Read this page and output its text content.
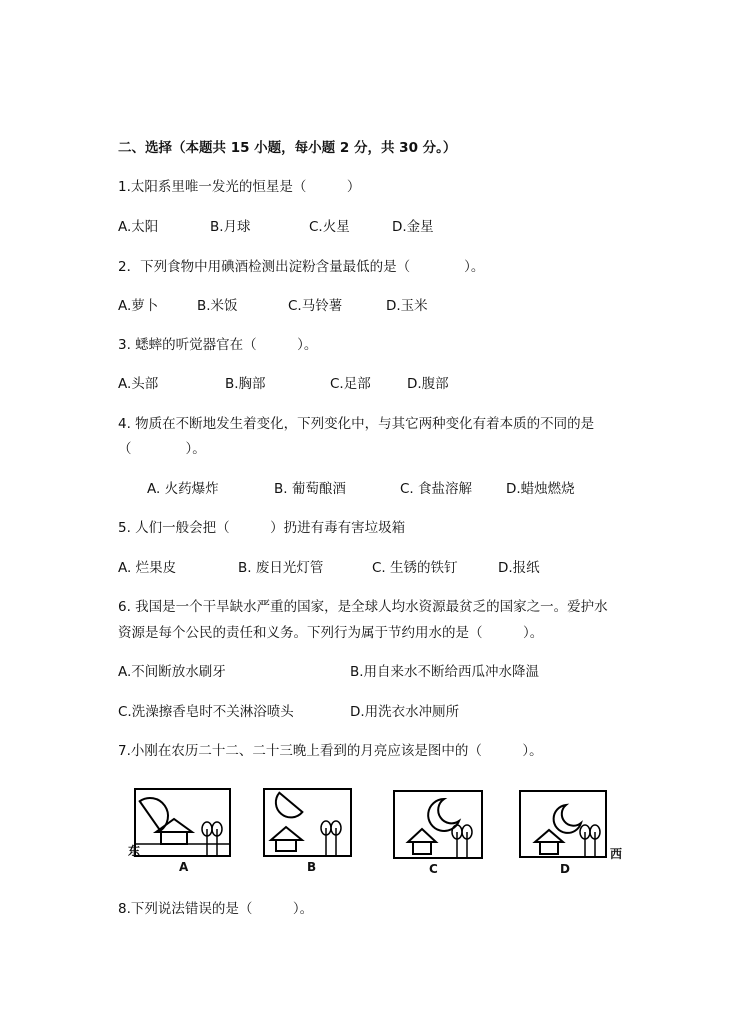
二、选择（本题共 15 小题，每小题 2 分，共 30 分。）
1.太阳系里唯一发光的恒星是（　　　）
A.太阳	B.月球	C.火星	D.金星
2．下列食物中用碘酒检测出淀粉含量最低的是（　　　　）。
A.萝卜	B.米饭	C.马铃薯	D.玉米
3. 蟋蟀的听觉器官在（　　　）。
A.头部	B.胸部	C.足部	D.腹部
4. 物质在不断地发生着变化，下列变化中，与其它两种变化有着本质的不同的是
（　　　　）。
A. 火药爆炸	B. 葡萄酿酒	C. 食盐溶解	D.蜡烛燃烧
5. 人们一般会把（　　　）扔进有毒有害垃圾箱
A. 烂果皮	B. 废日光灯管	C. 生锈的铁钉	D.报纸
6. 我国是一个干旱缺水严重的国家，是全球人均水资源最贫乏的国家之一。爱护水
资源是每个公民的责任和义务。下列行为属于节约用水的是（　　　）。
A.不间断放水刷牙	B.用自来水不断给西瓜冲水降温
C.洗澡擦香皂时不关淋浴喷头	D.用洗衣水冲厕所
7.小刚在农历二十二、二十三晚上看到的月亮应该是图中的（　　　）。
东	西
A	B	C	D
8.下列说法错误的是（　　　）。
